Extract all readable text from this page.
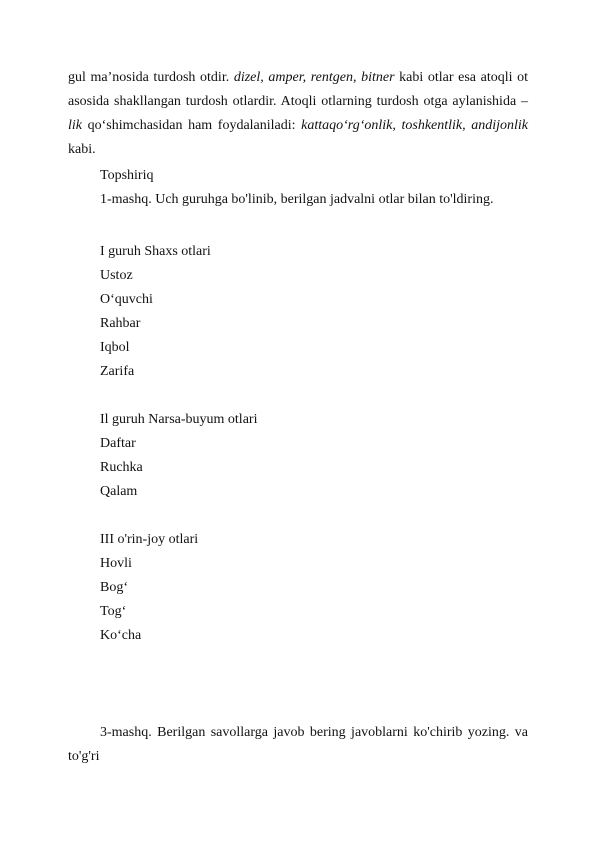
gul ma’nosida turdosh otdir. dizel, amper, rentgen, bitner kabi otlar esa atoqli ot
asosida shakllangan turdosh otlardir. Atoqli otlarning turdosh otga aylanishida –
lik qo‘shimchasidan ham foydalaniladi: kattaqo‘rg‘onlik, toshkentlik, andijonlik
kabi.
Topshiriq
1-mashq. Uch guruhga bo'linib, berilgan jadvalni otlar bilan to'ldiring.
I guruh Shaxs otlari
Ustoz
O‘quvchi
Rahbar
Iqbol
Zarifa
Il guruh Narsa-buyum otlari
Daftar
Ruchka
Qalam
III o'rin-joy otlari
Hovli
Bog‘
Tog‘
Ko‘cha
3-mashq. Berilgan savollarga javob bering javoblarni ko'chirib yozing. va
to'g'ri
